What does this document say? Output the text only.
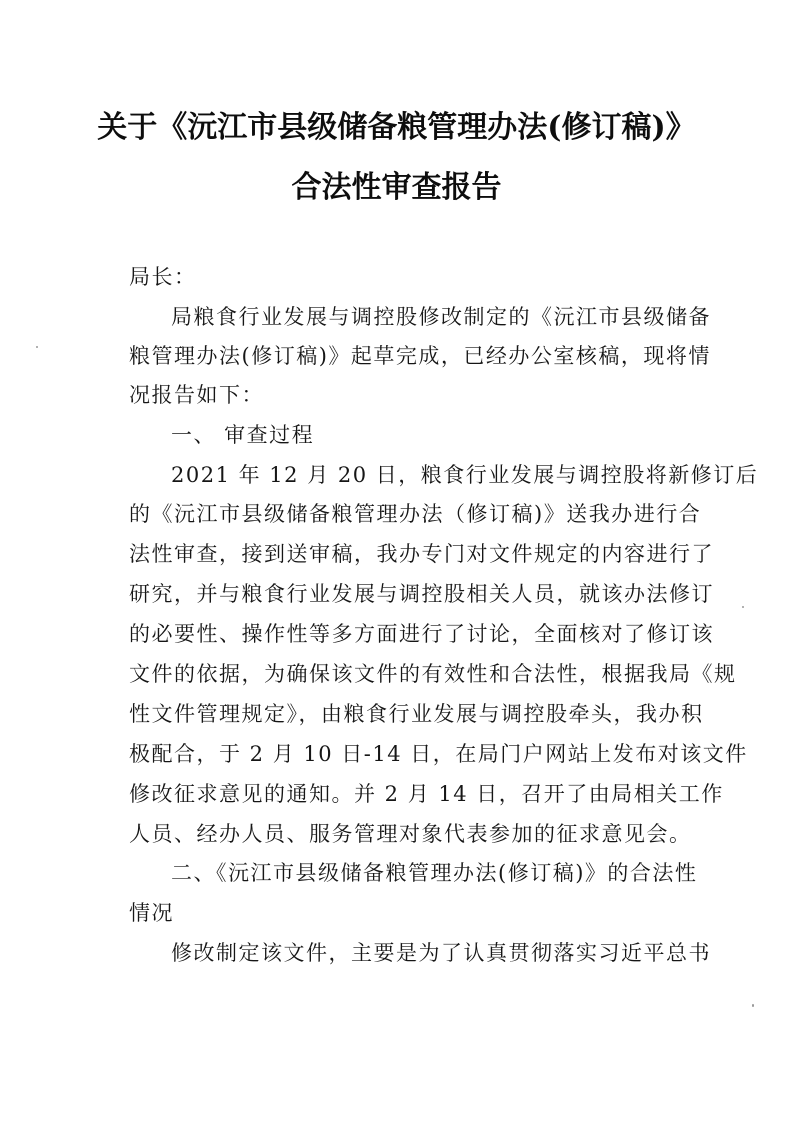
关于《沅江市县级储备粮管理办法(修订稿)》
合法性审查报告
局长：
局粮食行业发展与调控股修改制定的《沅江市县级储备
粮管理办法(修订稿)》起草完成，已经办公室核稿，现将情
况报告如下：
一、 审查过程
2021 年 12 月 20 日，粮食行业发展与调控股将新修订后
的《沅江市县级储备粮管理办法（修订稿)》送我办进行合
法性审查，接到送审稿，我办专门对文件规定的内容进行了
研究，并与粮食行业发展与调控股相关人员，就该办法修订
的必要性、操作性等多方面进行了讨论，全面核对了修订该
文件的依据，为确保该文件的有效性和合法性，根据我局《规
性文件管理规定》，由粮食行业发展与调控股牵头，我办积
极配合，于 2 月 10 日-14 日，在局门户网站上发布对该文件
修改征求意见的通知。并 2 月 14 日，召开了由局相关工作
人员、经办人员、服务管理对象代表参加的征求意见会。
二、《沅江市县级储备粮管理办法(修订稿)》的合法性
情况
修改制定该文件，主要是为了认真贯彻落实习近平总书
